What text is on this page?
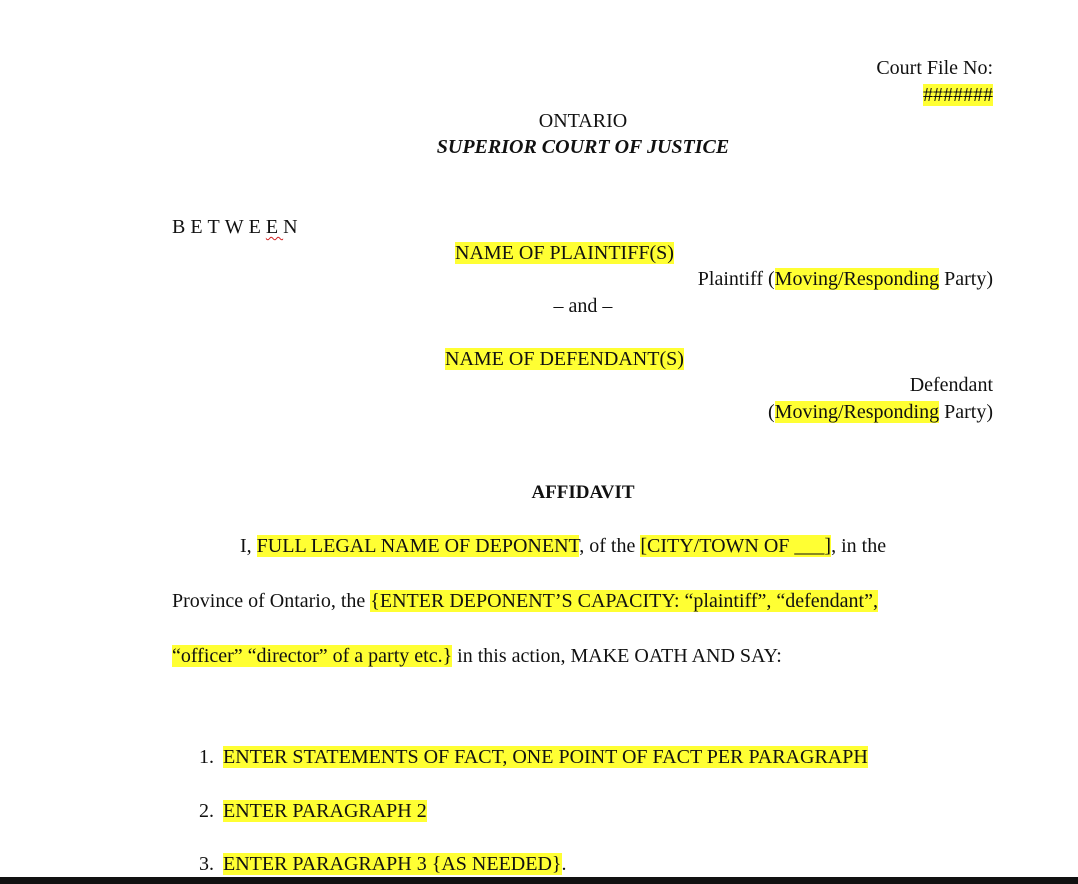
Court File No:
#######
ONTARIO
SUPERIOR COURT OF JUSTICE
BETWEEN
NAME OF PLAINTIFF(S)
Plaintiff (Moving/Responding Party)
– and –
NAME OF DEFENDANT(S)
Defendant
(Moving/Responding Party)
AFFIDAVIT
I, FULL LEGAL NAME OF DEPONENT, of the [CITY/TOWN OF ___], in the
Province of Ontario, the {ENTER DEPONENT’S CAPACITY: “plaintiff”, “defendant”,
“officer” “director” of a party etc.} in this action, MAKE OATH AND SAY:
1. ENTER STATEMENTS OF FACT, ONE POINT OF FACT PER PARAGRAPH
2. ENTER PARAGRAPH 2
3. ENTER PARAGRAPH 3 {AS NEEDED}.
